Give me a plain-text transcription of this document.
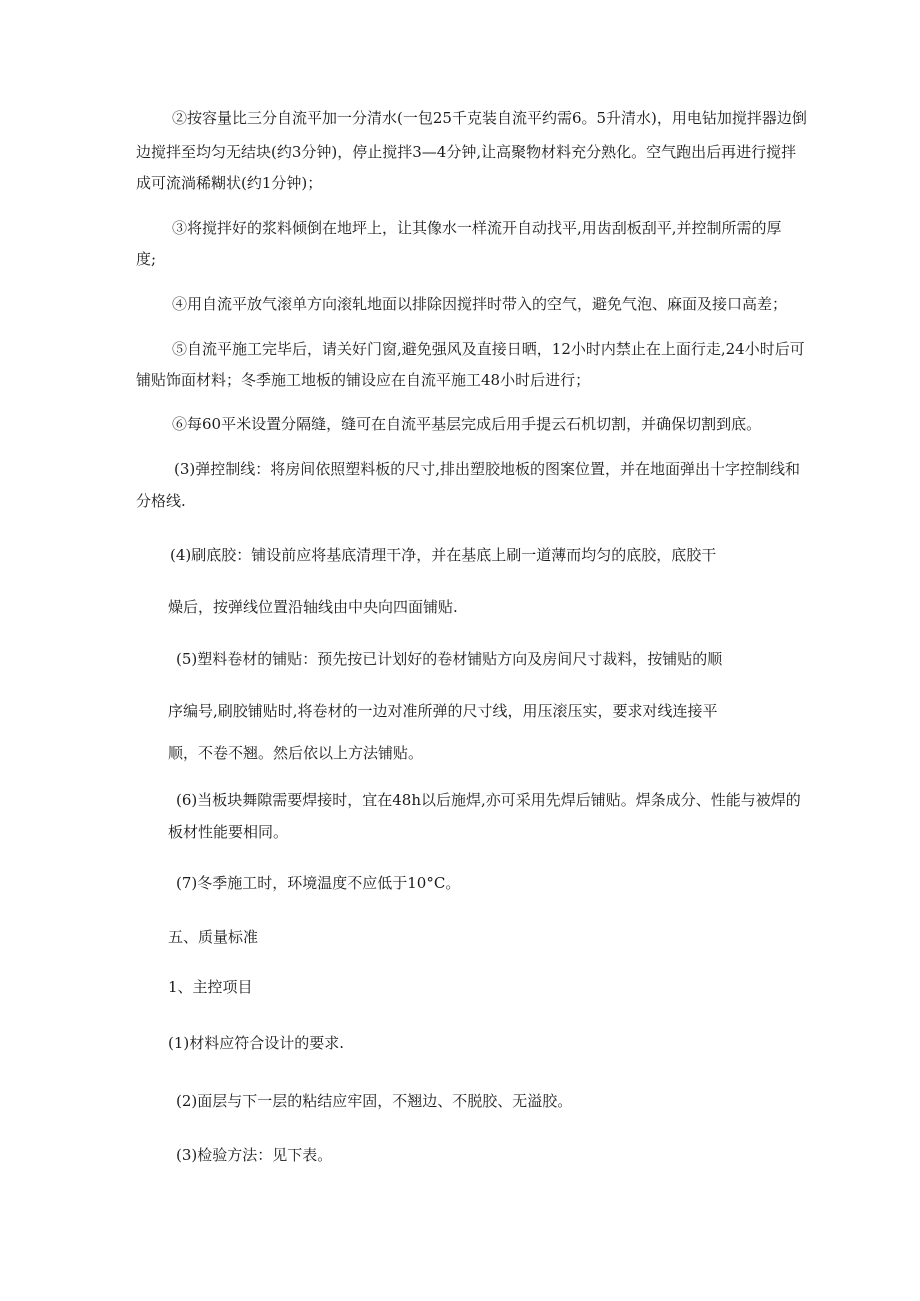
②按容量比三分自流平加一分清水(一包25千克装自流平约需6。5升清水)，用电钻加搅拌器边倒
边搅拌至均匀无结块(约3分钟)，停止搅拌3—4分钟,让高聚物材料充分熟化。空气跑出后再进行搅拌
成可流淌稀糊状(约1分钟)；
③将搅拌好的浆料倾倒在地坪上，让其像水一样流开自动找平,用齿刮板刮平,并控制所需的厚
度;
④用自流平放气滚单方向滚轧地面以排除因搅拌时带入的空气，避免气泡、麻面及接口高差；
⑤自流平施工完毕后，请关好门窗,避免强风及直接日晒，12小时内禁止在上面行走,24小时后可
铺贴饰面材料；冬季施工地板的铺设应在自流平施工48小时后进行；
⑥每60平米设置分隔缝，缝可在自流平基层完成后用手提云石机切割，并确保切割到底。
(3)弹控制线：将房间依照塑料板的尺寸,排出塑胶地板的图案位置，并在地面弹出十字控制线和
分格线.
(4)刷底胶：铺设前应将基底清理干净，并在基底上刷一道薄而均匀的底胶，底胶干
燥后，按弹线位置沿轴线由中央向四面铺贴.
(5)塑料卷材的铺贴：预先按已计划好的卷材铺贴方向及房间尺寸裁料，按铺贴的顺
序编号,刷胶铺贴时,将卷材的一边对准所弹的尺寸线，用压滚压实，要求对线连接平
顺，不卷不翘。然后依以上方法铺贴。
(6)当板块舞隙需要焊接时，宜在48h以后施焊,亦可采用先焊后铺贴。焊条成分、性能与被焊的
板材性能要相同。
(7)冬季施工时，环境温度不应低于10°C。
五、质量标准
1、主控项目
(1)材料应符合设计的要求.
(2)面层与下一层的粘结应牢固，不翘边、不脱胶、无溢胶。
(3)检验方法：见下表。
